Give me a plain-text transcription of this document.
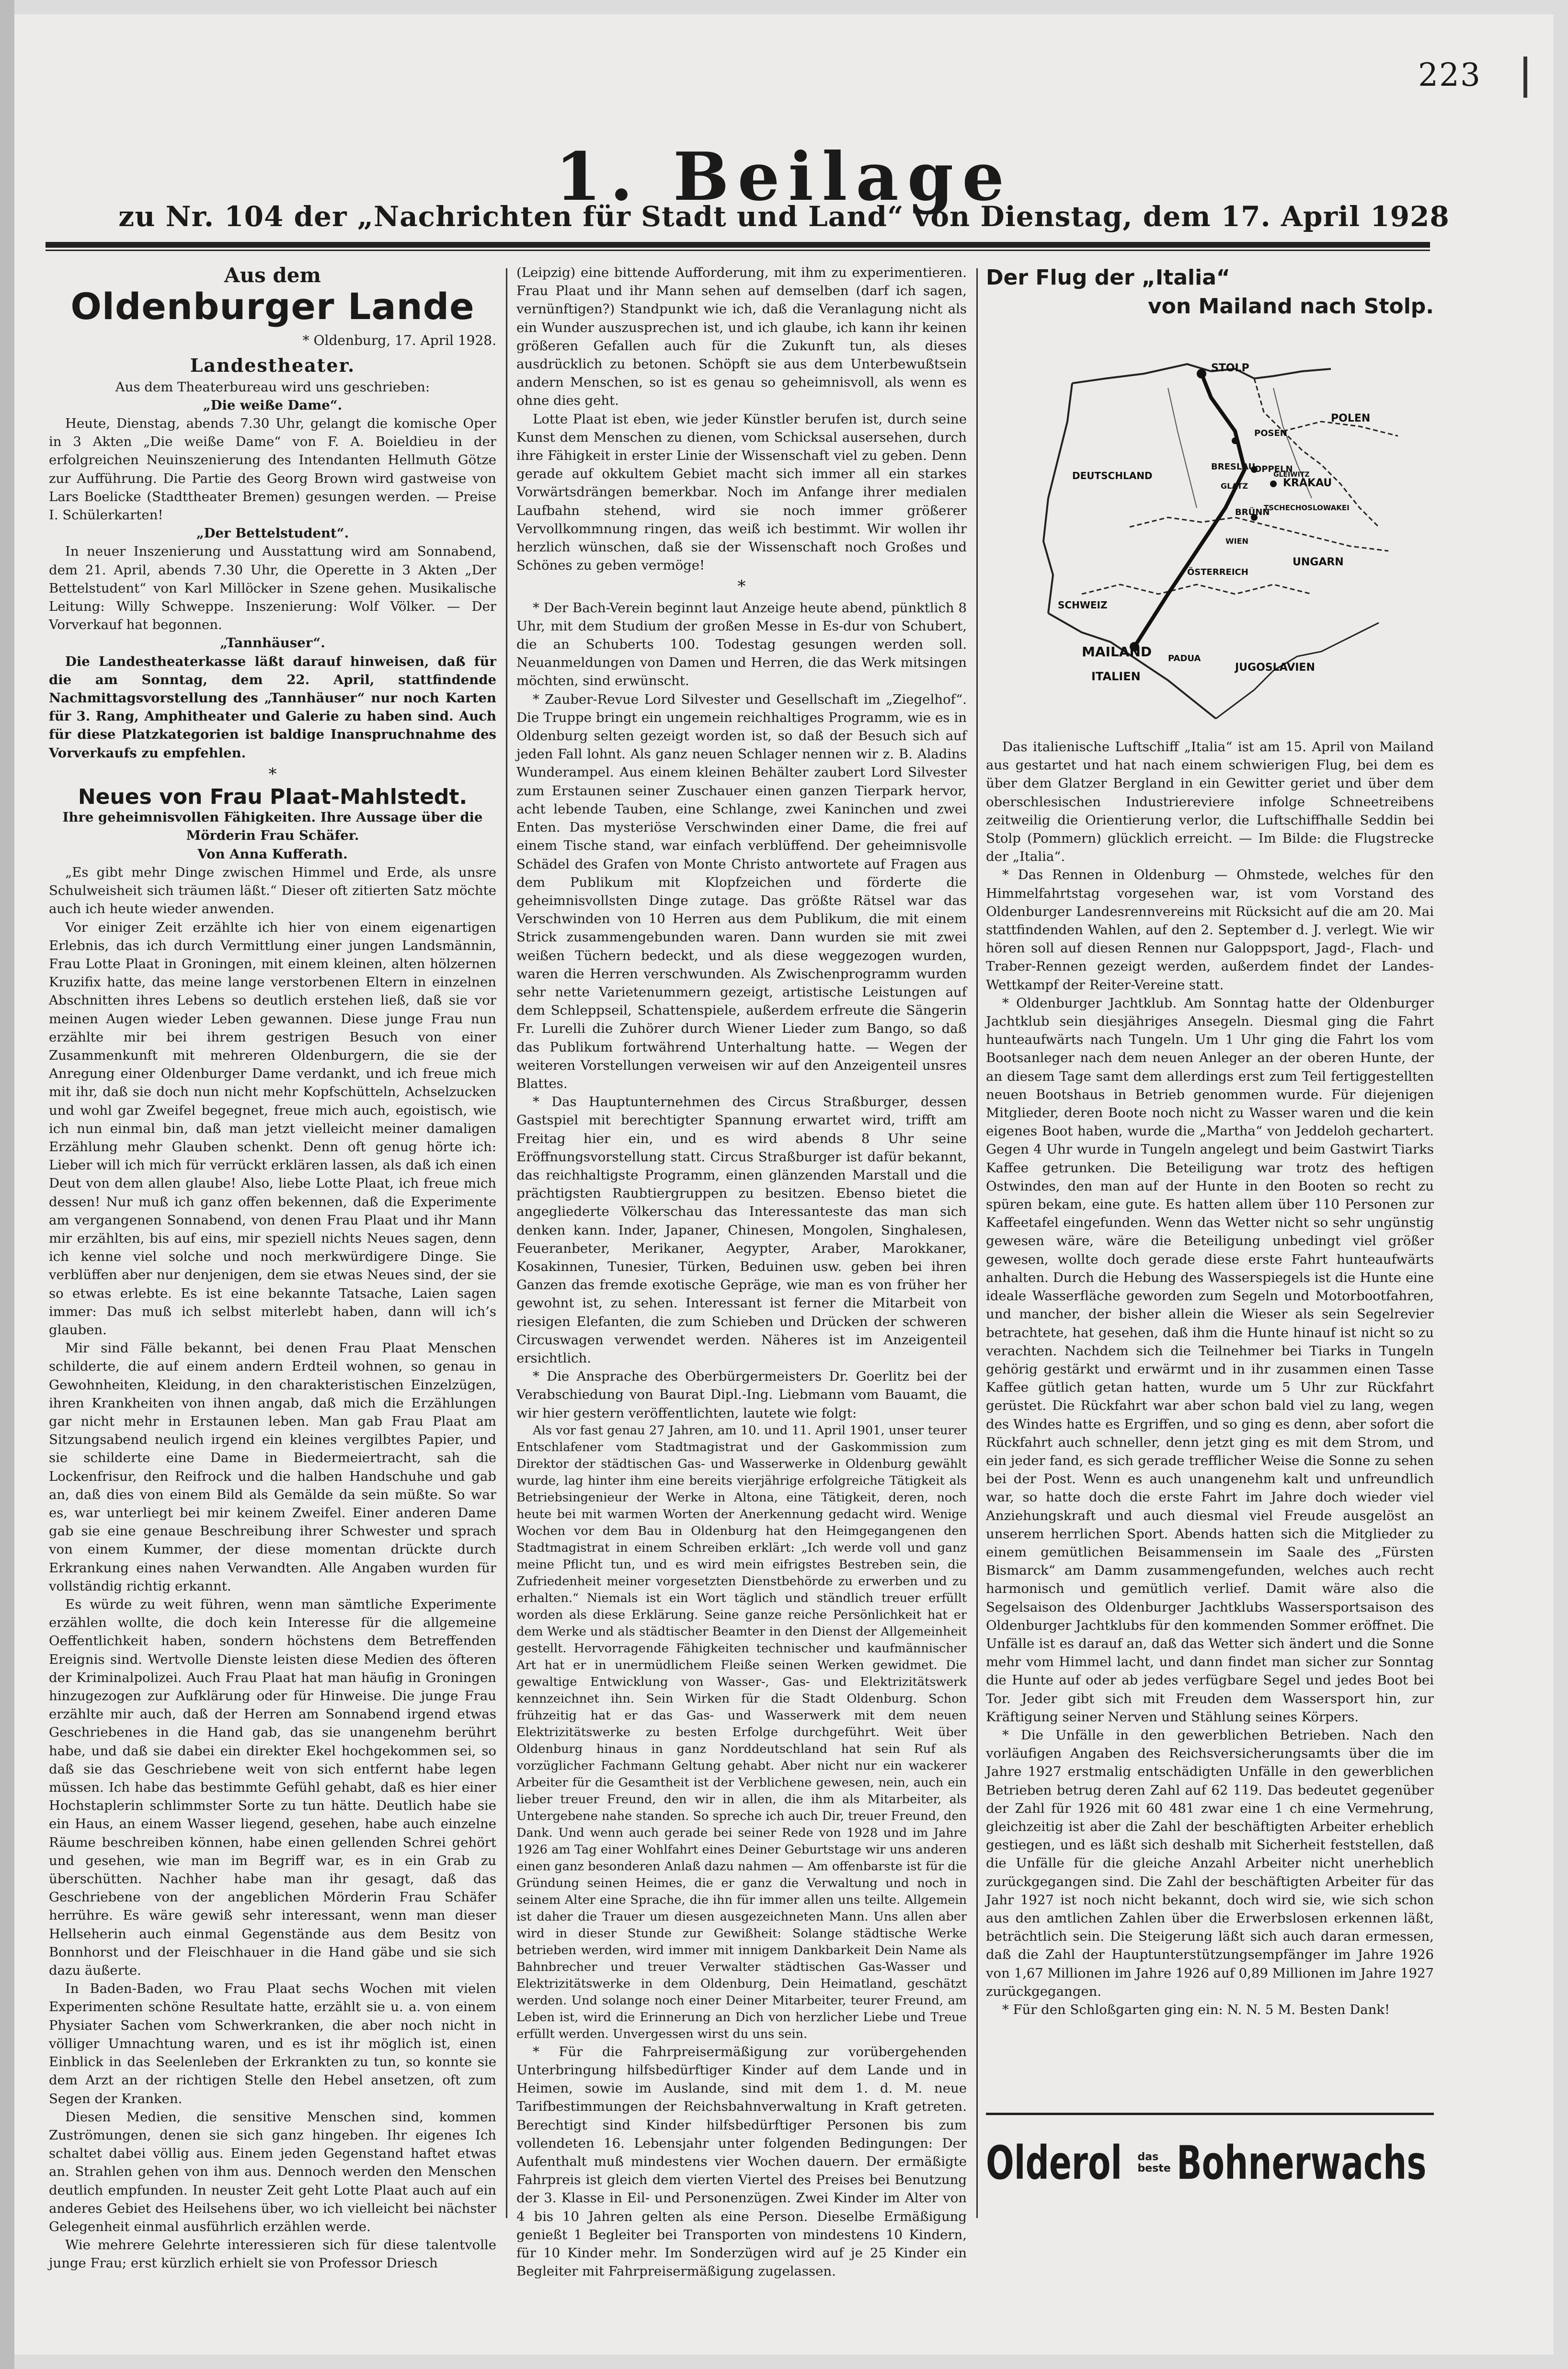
223
1. Beilage
zu Nr. 104 der „Nachrichten für Stadt und Land“ von Dienstag, dem 17. April 1928
Aus dem
Oldenburger Lande
* Oldenburg, 17. April 1928.
Landestheater.

Aus dem Theaterbureau wird uns geschrieben:

„Die weiße Dame“.

Heute, Dienstag, abends 7.30 Uhr, gelangt die komische Oper in 3 Akten „Die weiße Dame“ von F. A. Boieldieu in der erfolgreichen Neuinszenierung des Intendanten Hellmuth Götze zur Aufführung. Die Partie des Georg Brown wird gastweise von Lars Boelicke (Stadttheater Bremen) gesungen werden. — Preise I. Schülerkarten!

„Der Bettelstudent“.

In neuer Inszenierung und Ausstattung wird am Sonnabend, dem 21. April, abends 7.30 Uhr, die Operette in 3 Akten „Der Bettelstudent“ von Karl Millöcker in Szene gehen. Musikalische Leitung: Willy Schweppe. Inszenierung: Wolf Völker. — Der Vorverkauf hat begonnen.

„Tannhäuser“.

Die Landestheaterkasse läßt darauf hinweisen, daß für die am Sonntag, dem 22. April, stattfindende Nachmittagsvorstellung des „Tannhäuser“ nur noch Karten für 3. Rang, Amphitheater und Galerie zu haben sind. Auch für diese Platzkategorien ist baldige Inanspruchnahme des Vorverkaufs zu empfehlen.

*
Neues von Frau Plaat-Mahlstedt.

Ihre geheimnisvollen Fähigkeiten. Ihre Aussage über die Mörderin Frau Schäfer.

Von Anna Kufferath.

„Es gibt mehr Dinge zwischen Himmel und Erde, als unsre Schulweisheit sich träumen läßt.“ Dieser oft zitierten Satz möchte auch ich heute wieder anwenden.

Vor einiger Zeit erzählte ich hier von einem eigenartigen Erlebnis, das ich durch Vermittlung einer jungen Landsmännin, Frau Lotte Plaat in Groningen, mit einem kleinen, alten hölzernen Kruzifix hatte, das meine lange verstorbenen Eltern in einzelnen Abschnitten ihres Lebens so deutlich erstehen ließ, daß sie vor meinen Augen wieder Leben gewannen. Diese junge Frau nun erzählte mir bei ihrem gestrigen Besuch von einer Zusammenkunft mit mehreren Oldenburgern, die sie der Anregung einer Oldenburger Dame verdankt, und ich freue mich mit ihr, daß sie doch nun nicht mehr Kopfschütteln, Achselzucken und wohl gar Zweifel begegnet, freue mich auch, egoistisch, wie ich nun einmal bin, daß man jetzt vielleicht meiner damaligen Erzählung mehr Glauben schenkt. Denn oft genug hörte ich: Lieber will ich mich für verrückt erklären lassen, als daß ich einen Deut von dem allen glaube! Also, liebe Lotte Plaat, ich freue mich dessen! Nur muß ich ganz offen bekennen, daß die Experimente am vergangenen Sonnabend, von denen Frau Plaat und ihr Mann mir erzählten, bis auf eins, mir speziell nichts Neues sagen, denn ich kenne viel solche und noch merkwürdigere Dinge. Sie verblüffen aber nur denjenigen, dem sie etwas Neues sind, der sie so etwas erlebte. Es ist eine bekannte Tatsache, Laien sagen immer: Das muß ich selbst miterlebt haben, dann will ich’s glauben.

Mir sind Fälle bekannt, bei denen Frau Plaat Menschen schilderte, die auf einem andern Erdteil wohnen, so genau in Gewohnheiten, Kleidung, in den charakteristischen Einzelzügen, ihren Krankheiten von ihnen angab, daß mich die Erzählungen gar nicht mehr in Erstaunen leben. Man gab Frau Plaat am Sitzungsabend neulich irgend ein kleines vergilbtes Papier, und sie schilderte eine Dame in Biedermeiertracht, sah die Lockenfrisur, den Reifrock und die halben Handschuhe und gab an, daß dies von einem Bild als Gemälde da sein müßte. So war es, war unterliegt bei mir keinem Zweifel. Einer anderen Dame gab sie eine genaue Beschreibung ihrer Schwester und sprach von einem Kummer, der diese momentan drückte durch Erkrankung eines nahen Verwandten. Alle Angaben wurden für vollständig richtig erkannt.

Es würde zu weit führen, wenn man sämtliche Experimente erzählen wollte, die doch kein Interesse für die allgemeine Oeffentlichkeit haben, sondern höchstens dem Betreffenden Ereignis sind. Wertvolle Dienste leisten diese Medien des öfteren der Kriminalpolizei. Auch Frau Plaat hat man häufig in Groningen hinzugezogen zur Aufklärung oder für Hinweise. Die junge Frau erzählte mir auch, daß der Herren am Sonnabend irgend etwas Geschriebenes in die Hand gab, das sie unangenehm berührt habe, und daß sie dabei ein direkter Ekel hochgekommen sei, so daß sie das Geschriebene weit von sich entfernt habe legen müssen. Ich habe das bestimmte Gefühl gehabt, daß es hier einer Hochstaplerin schlimmster Sorte zu tun hätte. Deutlich habe sie ein Haus, an einem Wasser liegend, gesehen, habe auch einzelne Räume beschreiben können, habe einen gellenden Schrei gehört und gesehen, wie man im Begriff war, es in ein Grab zu überschütten. Nachher habe man ihr gesagt, daß das Geschriebene von der angeblichen Mörderin Frau Schäfer herrühre. Es wäre gewiß sehr interessant, wenn man dieser Hellseherin auch einmal Gegenstände aus dem Besitz von Bonnhorst und der Fleischhauer in die Hand gäbe und sie sich dazu äußerte.

In Baden-Baden, wo Frau Plaat sechs Wochen mit vielen Experimenten schöne Resultate hatte, erzählt sie u. a. von einem Physiater Sachen vom Schwerkranken, die aber noch nicht in völliger Umnachtung waren, und es ist ihr möglich ist, einen Einblick in das Seelenleben der Erkrankten zu tun, so konnte sie dem Arzt an der richtigen Stelle den Hebel ansetzen, oft zum Segen der Kranken.

Diesen Medien, die sensitive Menschen sind, kommen Zuströmungen, denen sie sich ganz hingeben. Ihr eigenes Ich schaltet dabei völlig aus. Einem jeden Gegenstand haftet etwas an. Strahlen gehen von ihm aus. Dennoch werden den Menschen deutlich empfunden. In neuster Zeit geht Lotte Plaat auch auf ein anderes Gebiet des Heilsehens über, wo ich vielleicht bei nächster Gelegenheit einmal ausführlich erzählen werde.

Wie mehrere Gelehrte interessieren sich für diese talentvolle junge Frau; erst kürzlich erhielt sie von Professor Driesch

(Leipzig) eine bittende Aufforderung, mit ihm zu experimentieren. Frau Plaat und ihr Mann sehen auf demselben (darf ich sagen, vernünftigen?) Standpunkt wie ich, daß die Veranlagung nicht als ein Wunder auszusprechen ist, und ich glaube, ich kann ihr keinen größeren Gefallen auch für die Zukunft tun, als dieses ausdrücklich zu betonen. Schöpft sie aus dem Unterbewußtsein andern Menschen, so ist es genau so geheimnisvoll, als wenn es ohne dies geht.

Lotte Plaat ist eben, wie jeder Künstler berufen ist, durch seine Kunst dem Menschen zu dienen, vom Schicksal ausersehen, durch ihre Fähigkeit in erster Linie der Wissenschaft viel zu geben. Denn gerade auf okkultem Gebiet macht sich immer all ein starkes Vorwärtsdrängen bemerkbar. Noch im Anfange ihrer medialen Laufbahn stehend, wird sie noch immer größerer Vervollkommnung ringen, das weiß ich bestimmt. Wir wollen ihr herzlich wünschen, daß sie der Wissenschaft noch Großes und Schönes zu geben vermöge!

*

* Der Bach-Verein beginnt laut Anzeige heute abend, pünktlich 8 Uhr, mit dem Studium der großen Messe in Es-dur von Schubert, die an Schuberts 100. Todestag gesungen werden soll. Neuanmeldungen von Damen und Herren, die das Werk mitsingen möchten, sind erwünscht.

* Zauber-Revue Lord Silvester und Gesellschaft im „Ziegelhof“. Die Truppe bringt ein ungemein reichhaltiges Programm, wie es in Oldenburg selten gezeigt worden ist, so daß der Besuch sich auf jeden Fall lohnt. Als ganz neuen Schlager nennen wir z. B. Aladins Wunderampel. Aus einem kleinen Behälter zaubert Lord Silvester zum Erstaunen seiner Zuschauer einen ganzen Tierpark hervor, acht lebende Tauben, eine Schlange, zwei Kaninchen und zwei Enten. Das mysteriöse Verschwinden einer Dame, die frei auf einem Tische stand, war einfach verblüffend. Der geheimnisvolle Schädel des Grafen von Monte Christo antwortete auf Fragen aus dem Publikum mit Klopfzeichen und förderte die geheimnisvollsten Dinge zutage. Das größte Rätsel war das Verschwinden von 10 Herren aus dem Publikum, die mit einem Strick zusammengebunden waren. Dann wurden sie mit zwei weißen Tüchern bedeckt, und als diese weggezogen wurden, waren die Herren verschwunden. Als Zwischenprogramm wurden sehr nette Varietenummern gezeigt, artistische Leistungen auf dem Schleppseil, Schattenspiele, außerdem erfreute die Sängerin Fr. Lurelli die Zuhörer durch Wiener Lieder zum Bango, so daß das Publikum fortwährend Unterhaltung hatte. — Wegen der weiteren Vorstellungen verweisen wir auf den Anzeigenteil unsres Blattes.

* Das Hauptunternehmen des Circus Straßburger, dessen Gastspiel mit berechtigter Spannung erwartet wird, trifft am Freitag hier ein, und es wird abends 8 Uhr seine Eröffnungsvorstellung statt. Circus Straßburger ist dafür bekannt, das reichhaltigste Programm, einen glänzenden Marstall und die prächtigsten Raubtiergruppen zu besitzen. Ebenso bietet die angegliederte Völkerschau das Interessanteste das man sich denken kann. Inder, Japaner, Chinesen, Mongolen, Singhalesen, Feueranbeter, Merikaner, Aegypter, Araber, Marokkaner, Kosakinnen, Tunesier, Türken, Beduinen usw. geben bei ihren Ganzen das fremde exotische Gepräge, wie man es von früher her gewohnt ist, zu sehen. Interessant ist ferner die Mitarbeit von riesigen Elefanten, die zum Schieben und Drücken der schweren Circuswagen verwendet werden. Näheres ist im Anzeigenteil ersichtlich.

* Die Ansprache des Oberbürgermeisters Dr. Goerlitz bei der Verabschiedung von Baurat Dipl.-Ing. Liebmann vom Bauamt, die wir hier gestern veröffentlichten, lautete wie folgt:

Als vor fast genau 27 Jahren, am 10. und 11. April 1901, unser teurer Entschlafener vom Stadtmagistrat und der Gaskommission zum Direktor der städtischen Gas- und Wasserwerke in Oldenburg gewählt wurde, lag hinter ihm eine bereits vierjährige erfolgreiche Tätigkeit als Betriebsingenieur der Werke in Altona, eine Tätigkeit, deren, noch heute bei mit warmen Worten der Anerkennung gedacht wird. Wenige Wochen vor dem Bau in Oldenburg hat den Heimgegangenen den Stadtmagistrat in einem Schreiben erklärt: „Ich werde voll und ganz meine Pflicht tun, und es wird mein eifrigstes Bestreben sein, die Zufriedenheit meiner vorgesetzten Dienstbehörde zu erwerben und zu erhalten.“ Niemals ist ein Wort täglich und ständlich treuer erfüllt worden als diese Erklärung. Seine ganze reiche Persönlichkeit hat er dem Werke und als städtischer Beamter in den Dienst der Allgemeinheit gestellt. Hervorragende Fähigkeiten technischer und kaufmännischer Art hat er in unermüdlichem Fleiße seinen Werken gewidmet. Die gewaltige Entwicklung von Wasser-, Gas- und Elektrizitätswerk kennzeichnet ihn. Sein Wirken für die Stadt Oldenburg. Schon frühzeitig hat er das Gas- und Wasserwerk mit dem neuen Elektrizitätswerke zu besten Erfolge durchgeführt. Weit über Oldenburg hinaus in ganz Norddeutschland hat sein Ruf als vorzüglicher Fachmann Geltung gehabt. Aber nicht nur ein wackerer Arbeiter für die Gesamtheit ist der Verblichene gewesen, nein, auch ein lieber treuer Freund, den wir in allen, die ihm als Mitarbeiter, als Untergebene nahe standen. So spreche ich auch Dir, treuer Freund, den Dank. Und wenn auch gerade bei seiner Rede von 1928 und im Jahre 1926 am Tag einer Wohlfahrt eines Deiner Geburtstage wir uns anderen einen ganz besonderen Anlaß dazu nahmen — Am offenbarste ist für die Gründung seinen Heimes, die er ganz die Verwaltung und noch in seinem Alter eine Sprache, die ihn für immer allen uns teilte. Allgemein ist daher die Trauer um diesen ausgezeichneten Mann. Uns allen aber wird in dieser Stunde zur Gewißheit: Solange städtische Werke betrieben werden, wird immer mit innigem Dankbarkeit Dein Name als Bahnbrecher und treuer Verwalter städtischen Gas-Wasser und Elektrizitätswerke in dem Oldenburg, Dein Heimatland, geschätzt werden. Und solange noch einer Deiner Mitarbeiter, teurer Freund, am Leben ist, wird die Erinnerung an Dich von herzlicher Liebe und Treue erfüllt werden. Unvergessen wirst du uns sein.

* Für die Fahrpreisermäßigung zur vorübergehenden Unterbringung hilfsbedürftiger Kinder auf dem Lande und in Heimen, sowie im Auslande, sind mit dem 1. d. M. neue Tarifbestimmungen der Reichsbahnverwaltung in Kraft getreten. Berechtigt sind Kinder hilfsbedürftiger Personen bis zum vollendeten 16. Lebensjahr unter folgenden Bedingungen: Der Aufenthalt muß mindestens vier Wochen dauern. Der ermäßigte Fahrpreis ist gleich dem vierten Viertel des Preises bei Benutzung der 3. Klasse in Eil- und Personenzügen. Zwei Kinder im Alter von 4 bis 10 Jahren gelten als eine Person. Dieselbe Ermäßigung genießt 1 Begleiter bei Transporten von mindestens 10 Kindern, für 10 Kinder mehr. Im Sonderzügen wird auf je 25 Kinder ein Begleiter mit Fahrpreisermäßigung zugelassen.

Der Flug der „Italia“
von Mailand nach Stolp.
STOLP
POSEN
BRESLAU
OPPELN
KRAKAU
GLEIWITZ
GLATZ
BRÜNN
TSCHECHOSLOWAKEI
DEUTSCHLAND
POLEN
UNGARN
ÖSTERREICH
WIEN
SCHWEIZ
MAILAND PADUA
ITALIEN
JUGOSLAVIEN

Das italienische Luftschiff „Italia“ ist am 15. April von Mailand aus gestartet und hat nach einem schwierigen Flug, bei dem es über dem Glatzer Bergland in ein Gewitter geriet und über dem oberschlesischen Industriereviere infolge Schneetreibens zeitweilig die Orientierung verlor, die Luftschiffhalle Seddin bei Stolp (Pommern) glücklich erreicht. — Im Bilde: die Flugstrecke der „Italia“.

* Das Rennen in Oldenburg — Ohmstede, welches für den Himmelfahrtstag vorgesehen war, ist vom Vorstand des Oldenburger Landesrennvereins mit Rücksicht auf die am 20. Mai stattfindenden Wahlen, auf den 2. September d. J. verlegt. Wie wir hören soll auf diesen Rennen nur Galoppsport, Jagd-, Flach- und Traber-Rennen gezeigt werden, außerdem findet der Landes-Wettkampf der Reiter-Vereine statt.

* Oldenburger Jachtklub. Am Sonntag hatte der Oldenburger Jachtklub sein diesjähriges Ansegeln. Diesmal ging die Fahrt hunteaufwärts nach Tungeln. Um 1 Uhr ging die Fahrt los vom Bootsanleger nach dem neuen Anleger an der oberen Hunte, der an diesem Tage samt dem allerdings erst zum Teil fertiggestellten neuen Bootshaus in Betrieb genommen wurde. Für diejenigen Mitglieder, deren Boote noch nicht zu Wasser waren und die kein eigenes Boot haben, wurde die „Martha“ von Jeddeloh gechartert. Gegen 4 Uhr wurde in Tungeln angelegt und beim Gastwirt Tiarks Kaffee getrunken. Die Beteiligung war trotz des heftigen Ostwindes, den man auf der Hunte in den Booten so recht zu spüren bekam, eine gute. Es hatten allem über 110 Personen zur Kaffeetafel eingefunden. Wenn das Wetter nicht so sehr ungünstig gewesen wäre, wäre die Beteiligung unbedingt viel größer gewesen, wollte doch gerade diese erste Fahrt hunteaufwärts anhalten. Durch die Hebung des Wasserspiegels ist die Hunte eine ideale Wasserfläche geworden zum Segeln und Motorbootfahren, und mancher, der bisher allein die Wieser als sein Segelrevier betrachtete, hat gesehen, daß ihm die Hunte hinauf ist nicht so zu verachten. Nachdem sich die Teilnehmer bei Tiarks in Tungeln gehörig gestärkt und erwärmt und in ihr zusammen einen Tasse Kaffee gütlich getan hatten, wurde um 5 Uhr zur Rückfahrt gerüstet. Die Rückfahrt war aber schon bald viel zu lang, wegen des Windes hatte es Ergriffen, und so ging es denn, aber sofort die Rückfahrt auch schneller, denn jetzt ging es mit dem Strom, und ein jeder fand, es sich gerade trefflicher Weise die Sonne zu sehen bei der Post. Wenn es auch unangenehm kalt und unfreundlich war, so hatte doch die erste Fahrt im Jahre doch wieder viel Anziehungskraft und auch diesmal viel Freude ausgelöst an unserem herrlichen Sport. Abends hatten sich die Mitglieder zu einem gemütlichen Beisammensein im Saale des „Fürsten Bismarck“ am Damm zusammengefunden, welches auch recht harmonisch und gemütlich verlief. Damit wäre also die Segelsaison des Oldenburger Jachtklubs Wassersportsaison des Oldenburger Jachtklubs für den kommenden Sommer eröffnet. Die Unfälle ist es darauf an, daß das Wetter sich ändert und die Sonne mehr vom Himmel lacht, und dann findet man sicher zur Sonntag die Hunte auf oder ab jedes verfügbare Segel und jedes Boot bei Tor. Jeder gibt sich mit Freuden dem Wassersport hin, zur Kräftigung seiner Nerven und Stählung seines Körpers.

* Die Unfälle in den gewerblichen Betrieben. Nach den vorläufigen Angaben des Reichsversicherungsamts über die im Jahre 1927 erstmalig entschädigten Unfälle in den gewerblichen Betrieben betrug deren Zahl auf 62 119. Das bedeutet gegenüber der Zahl für 1926 mit 60 481 zwar eine 1 ch eine Vermehrung, gleichzeitig ist aber die Zahl der beschäftigten Arbeiter erheblich gestiegen, und es läßt sich deshalb mit Sicherheit feststellen, daß die Unfälle für die gleiche Anzahl Arbeiter nicht unerheblich zurückgegangen sind. Die Zahl der beschäftigten Arbeiter für das Jahr 1927 ist noch nicht bekannt, doch wird sie, wie sich schon aus den amtlichen Zahlen über die Erwerbslosen erkennen läßt, beträchtlich sein. Die Steigerung läßt sich auch daran ermessen, daß die Zahl der Hauptunterstützungsempfänger im Jahre 1926 von 1,67 Millionen im Jahre 1926 auf 0,89 Millionen im Jahre 1927 zurückgegangen.

* Für den Schloßgarten ging ein: N. N. 5 M. Besten Dank!

Olderol das
beste Bohnerwachs
